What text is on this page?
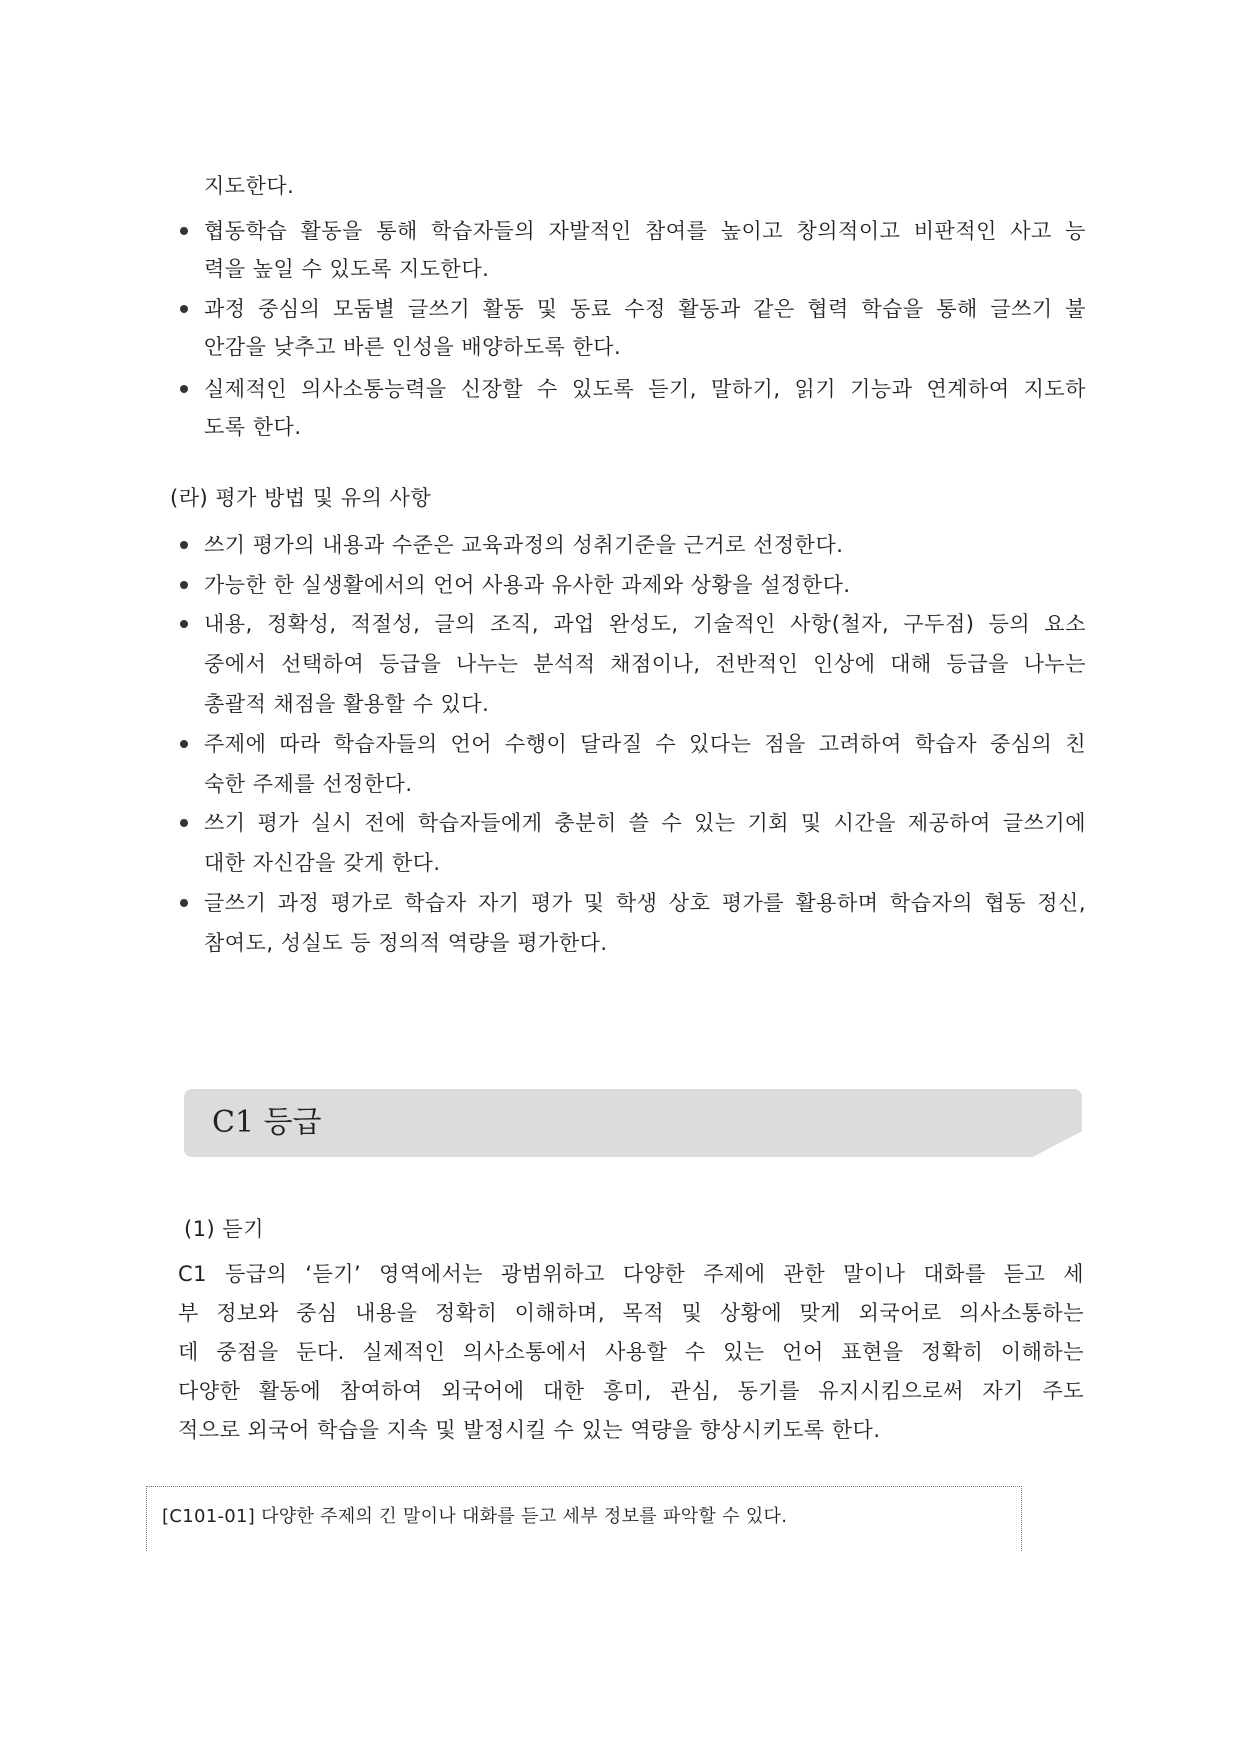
지도한다.
협동학습 활동을 통해 학습자들의 자발적인 참여를 높이고 창의적이고 비판적인 사고 능
력을 높일 수 있도록 지도한다.
과정 중심의 모둠별 글쓰기 활동 및 동료 수정 활동과 같은 협력 학습을 통해 글쓰기 불
안감을 낮추고 바른 인성을 배양하도록 한다.
실제적인 의사소통능력을 신장할 수 있도록 듣기, 말하기, 읽기 기능과 연계하여 지도하
도록 한다.
(라) 평가 방법 및 유의 사항
쓰기 평가의 내용과 수준은 교육과정의 성취기준을 근거로 선정한다.
가능한 한 실생활에서의 언어 사용과 유사한 과제와 상황을 설정한다.
내용, 정확성, 적절성, 글의 조직, 과업 완성도, 기술적인 사항(철자, 구두점) 등의 요소
중에서 선택하여 등급을 나누는 분석적 채점이나, 전반적인 인상에 대해 등급을 나누는
총괄적 채점을 활용할 수 있다.
주제에 따라 학습자들의 언어 수행이 달라질 수 있다는 점을 고려하여 학습자 중심의 친
숙한 주제를 선정한다.
쓰기 평가 실시 전에 학습자들에게 충분히 쓸 수 있는 기회 및 시간을 제공하여 글쓰기에
대한 자신감을 갖게 한다.
글쓰기 과정 평가로 학습자 자기 평가 및 학생 상호 평가를 활용하며 학습자의 협동 정신,
참여도, 성실도 등 정의적 역량을 평가한다.
C1 등급
(1) 듣기
C1 등급의 ‘듣기’ 영역에서는 광범위하고 다양한 주제에 관한 말이나 대화를 듣고 세
부 정보와 중심 내용을 정확히 이해하며, 목적 및 상황에 맞게 외국어로 의사소통하는
데 중점을 둔다. 실제적인 의사소통에서 사용할 수 있는 언어 표현을 정확히 이해하는
다양한 활동에 참여하여 외국어에 대한 흥미, 관심, 동기를 유지시킴으로써 자기 주도
적으로 외국어 학습을 지속 및 발정시킬 수 있는 역량을 향상시키도록 한다.
[C101-01] 다양한 주제의 긴 말이나 대화를 듣고 세부 정보를 파악할 수 있다.
